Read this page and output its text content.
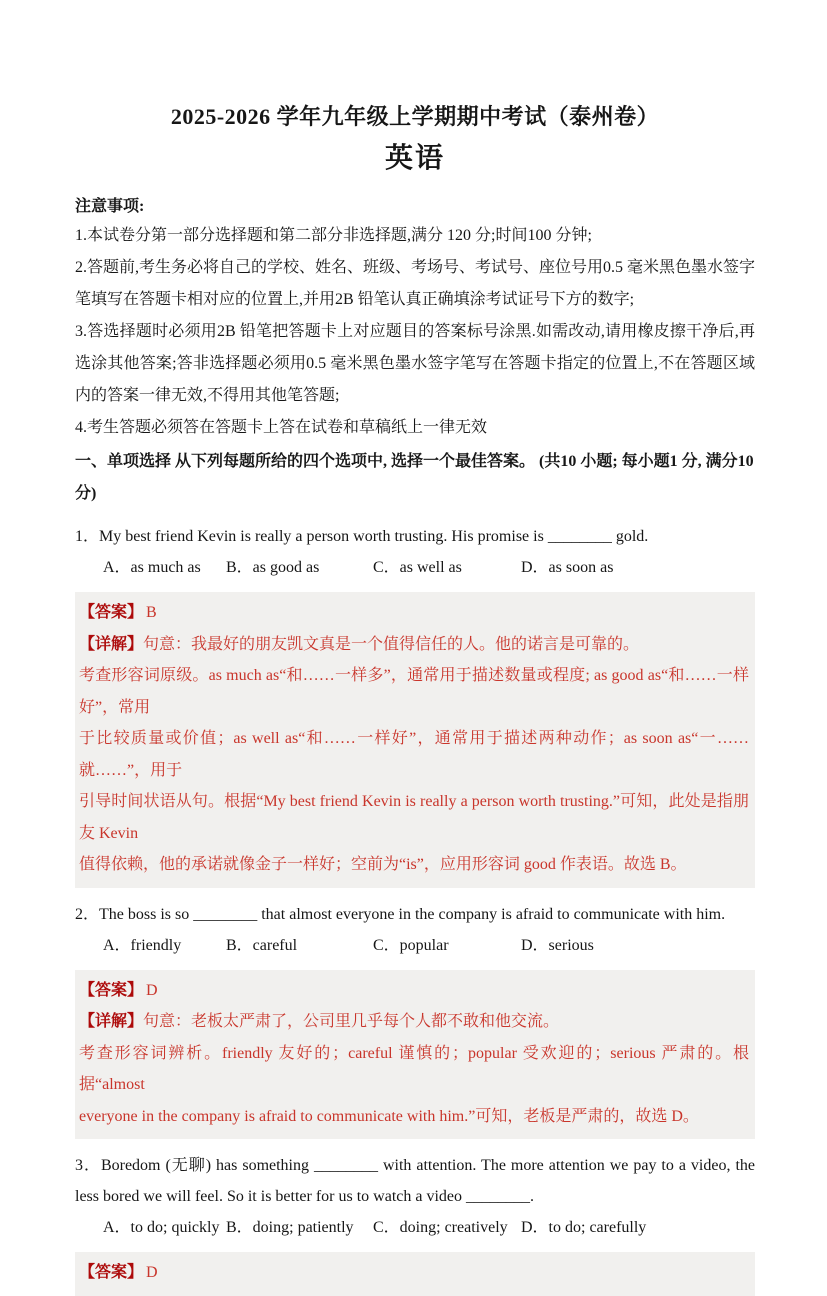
2025-2026 学年九年级上学期期中考试（泰州卷）
英语
注意事项:

1.本试卷分第一部分选择题和第二部分非选择题,满分 120 分;时间100 分钟;

2.答题前,考生务必将自己的学校、姓名、班级、考场号、考试号、座位号用0.5 毫米黑色墨水签字笔填写在答题卡相对应的位置上,并用2B 铅笔认真正确填涂考试证号下方的数字;

3.答选择题时必须用2B 铅笔把答题卡上对应题目的答案标号涂黑.如需改动,请用橡皮擦干净后,再选涂其他答案;答非选择题必须用0.5 毫米黑色墨水签字笔写在答题卡指定的位置上,不在答题区域内的答案一律无效,不得用其他笔答题;

4.考生答题必须答在答题卡上答在试卷和草稿纸上一律无效

一、单项选择 从下列每题所给的四个选项中, 选择一个最佳答案。 (共10 小题; 每小题1 分, 满分10 分)

1．My best friend Kevin is really a person worth trusting. His promise is ________ gold.

A．as much as	B．as good as	C．as well as	D．as soon as
【答案】 B
【详解】句意：我最好的朋友凯文真是一个值得信任的人。他的诺言是可靠的。
考查形容词原级。as much as“和……一样多”，通常用于描述数量或程度; as good as“和……一样好”，常用
于比较质量或价值；as well as“和……一样好”，通常用于描述两种动作；as soon as“一……就……”，用于
引导时间状语从句。根据“My best friend Kevin is really a person worth trusting.”可知，此处是指朋友 Kevin
值得依赖，他的承诺就像金子一样好；空前为“is”，应用形容词 good 作表语。故选 B。

2．The boss is so ________ that almost everyone in the company is afraid to communicate with him.

A．friendly	B．careful	C．popular	D．serious
【答案】 D
【详解】句意：老板太严肃了，公司里几乎每个人都不敢和他交流。
考查形容词辨析。friendly 友好的；careful 谨慎的；popular 受欢迎的；serious 严肃的。根据“almost
everyone in the company is afraid to communicate with him.”可知，老板是严肃的，故选 D。

3．Boredom (无聊) has something ________ with attention. The more attention we pay to a video, the less bored we will feel. So it is better for us to watch a video ________.

A．to do; quickly B．doing; patiently	C．doing; creatively D．to do; carefully
【答案】 D
